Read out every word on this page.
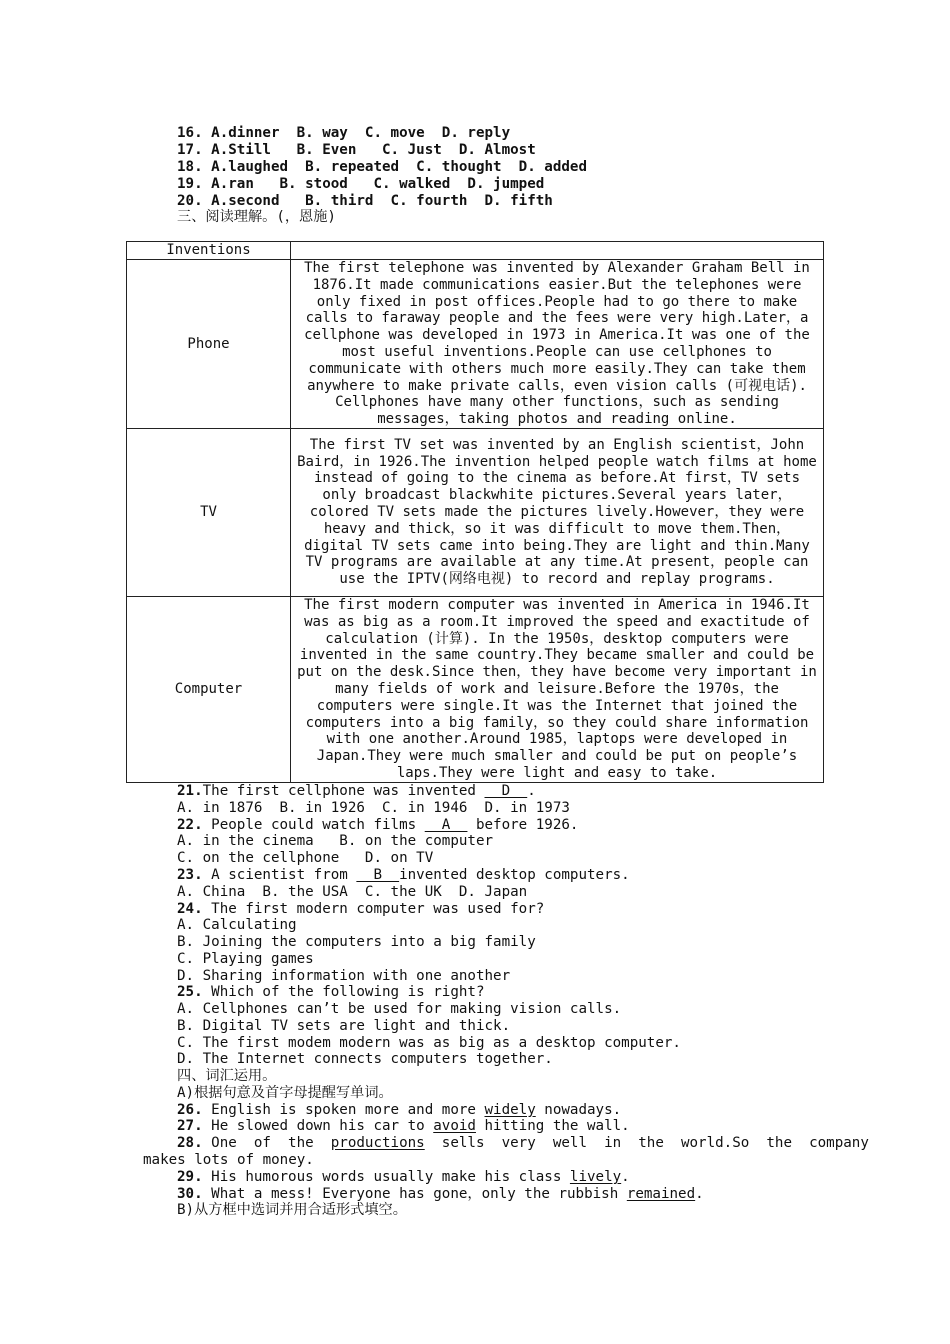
16. A.dinner  B. way  C. move  D. reply
17. A.Still   B. Even   C. Just  D. Almost
18. A.laughed  B. repeated  C. thought  D. added
19. A.ran   B. stood   C. walked  D. jumped
20. A.second   B. third  C. fourth  D. fifth
三、阅读理解。(，恩施)
Inventions	
Phone	The first telephone was invented by Alexander Graham Bell in 1876.It made communications easier.But the telephones were only fixed in post offices.People had to go there to make calls to faraway people and the fees were very high.Later，a cellphone was developed in 1973 in America.It was one of the most useful inventions.People can use cellphones to communicate with others much more easily.They can take them anywhere to make private calls，even vision calls (可视电话). Cellphones have many other functions，such as sending messages，taking photos and reading online.
TV	The first TV set was invented by an English scientist，John Baird，in 1926.The invention helped people watch films at home instead of going to the cinema as before.At first，TV sets only broadcast blackwhite pictures.Several years later，colored TV sets made the pictures lively.However，they were heavy and thick，so it was difficult to move them.Then，digital TV sets came into being.They are light and thin.Many TV programs are available at any time.At present，people can use the IPTV(网络电视) to record and replay programs.
Computer	The first modern computer was invented in America in 1946.It was as big as a room.It improved the speed and exactitude of calculation (计算). In the 1950s，desktop computers were invented in the same country.They became smaller and could be put on the desk.Since then，they have become very important in many fields of work and leisure.Before the 1970s，the computers were single.It was the Internet that joined the computers into a big family，so they could share information with one another.Around 1985，laptops were developed in Japan.They were much smaller and could be put on people’s laps.They were light and easy to take.
21.The first cellphone was invented   D  .
A. in 1876  B. in 1926  C. in 1946  D. in 1973
22. People could watch films   A   before 1926.
A. in the cinema   B. on the computer
C. on the cellphone   D. on TV
23. A scientist from   B  invented desktop computers.
A. China  B. the USA  C. the UK  D. Japan
24. The first modern computer was used for?
A. Calculating
B. Joining the computers into a big family
C. Playing games
D. Sharing information with one another
25. Which of the following is right?
A. Cellphones can’t be used for making vision calls.
B. Digital TV sets are light and thick.
C. The first modem modern was as big as a desktop computer.
D. The Internet connects computers together.
四、词汇运用。
A)根据句意及首字母提醒写单词。
26. English is spoken more and more widely nowadays.
27. He slowed down his car to avoid hitting the wall.
28. One  of  the  productions  sells  very  well  in  the  world.So  the  company
makes lots of money.
29. His humorous words usually make his class lively.
30. What a mess! Everyone has gone，only the rubbish remained.
B)从方框中选词并用合适形式填空。
